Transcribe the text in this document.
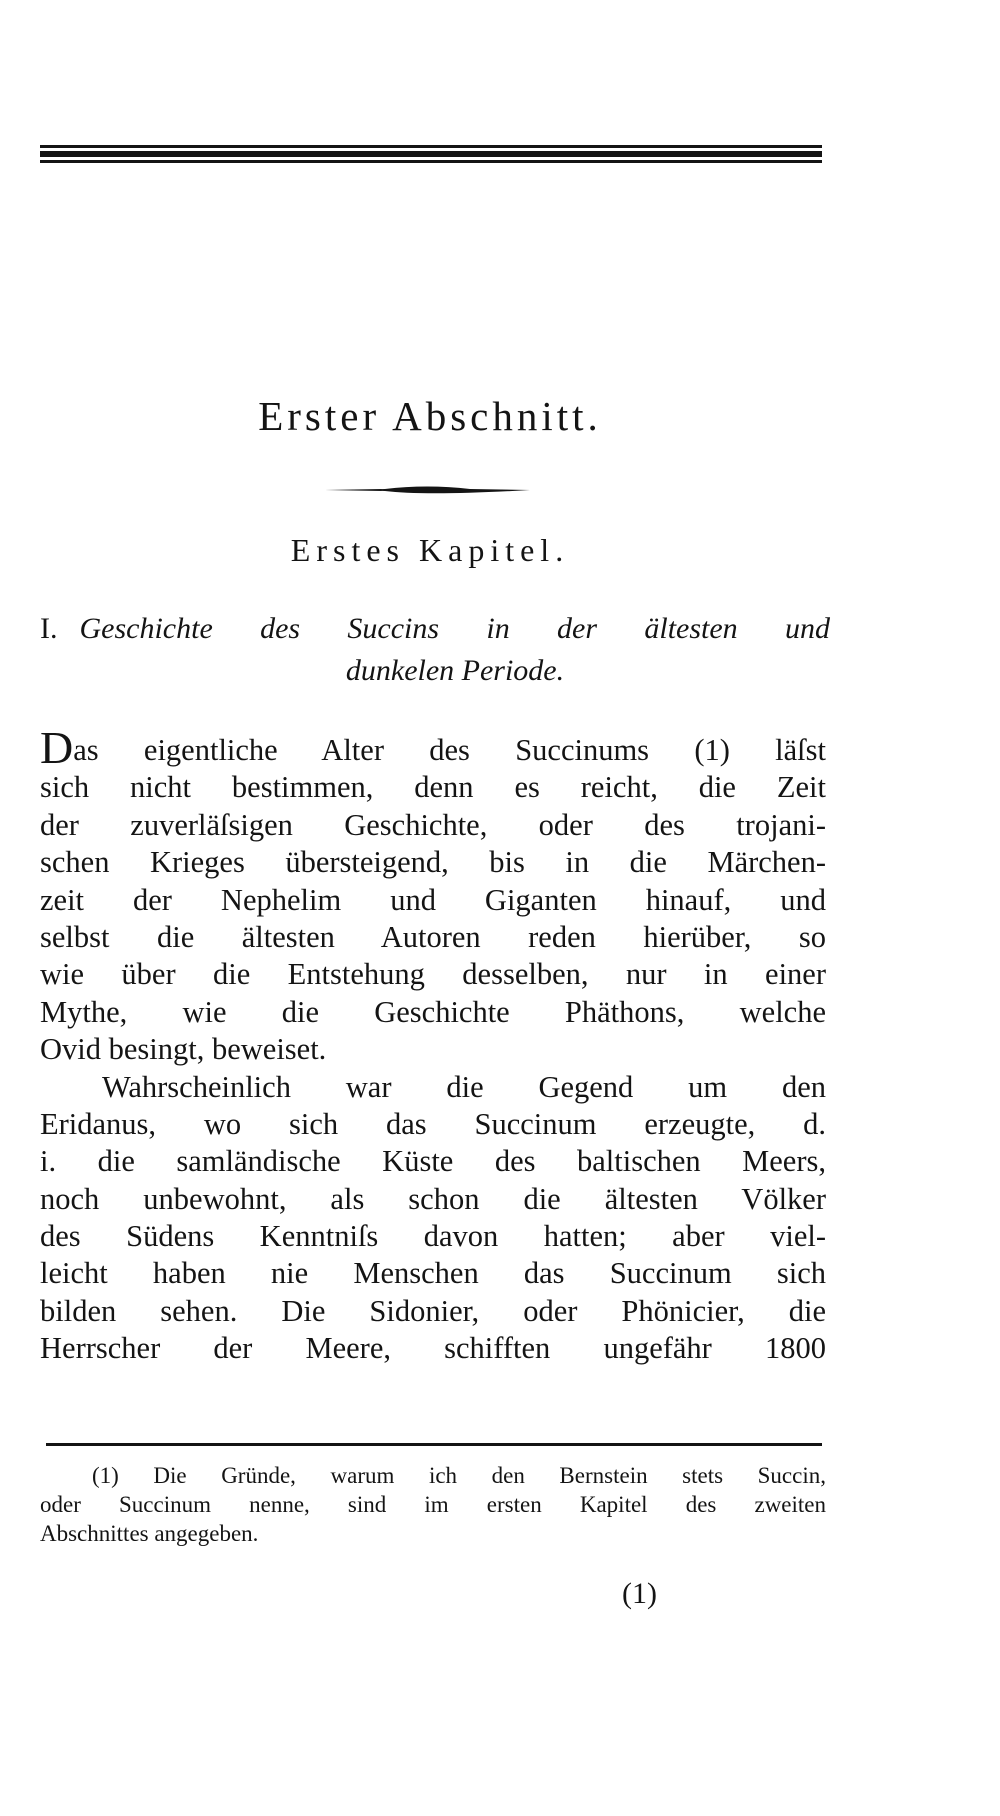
Erster Abschnitt.
Erstes Kapitel.
I. Geschichte des Succins in der ältesten und
dunkelen Periode.
Das eigentliche Alter des Succinums (1) läſst
sich nicht bestimmen, denn es reicht, die Zeit
der zuverläſsigen Geschichte, oder des trojani-
schen Krieges übersteigend, bis in die Märchen-
zeit der Nephelim und Giganten hinauf, und
selbst die ältesten Autoren reden hierüber, so
wie über die Entstehung desselben, nur in einer
Mythe, wie die Geschichte Phäthons, welche
Ovid besingt, beweiset.
Wahrscheinlich war die Gegend um den
Eridanus, wo sich das Succinum erzeugte, d.
i. die samländische Küste des baltischen Meers,
noch unbewohnt, als schon die ältesten Völker
des Südens Kenntniſs davon hatten; aber viel-
leicht haben nie Menschen das Succinum sich
bilden sehen. Die Sidonier, oder Phönicier, die
Herrscher der Meere, schifften ungefähr 1800
(1) Die Gründe, warum ich den Bernstein stets Succin,
oder Succinum nenne, sind im ersten Kapitel des zweiten
Abschnittes angegeben.
(1)
